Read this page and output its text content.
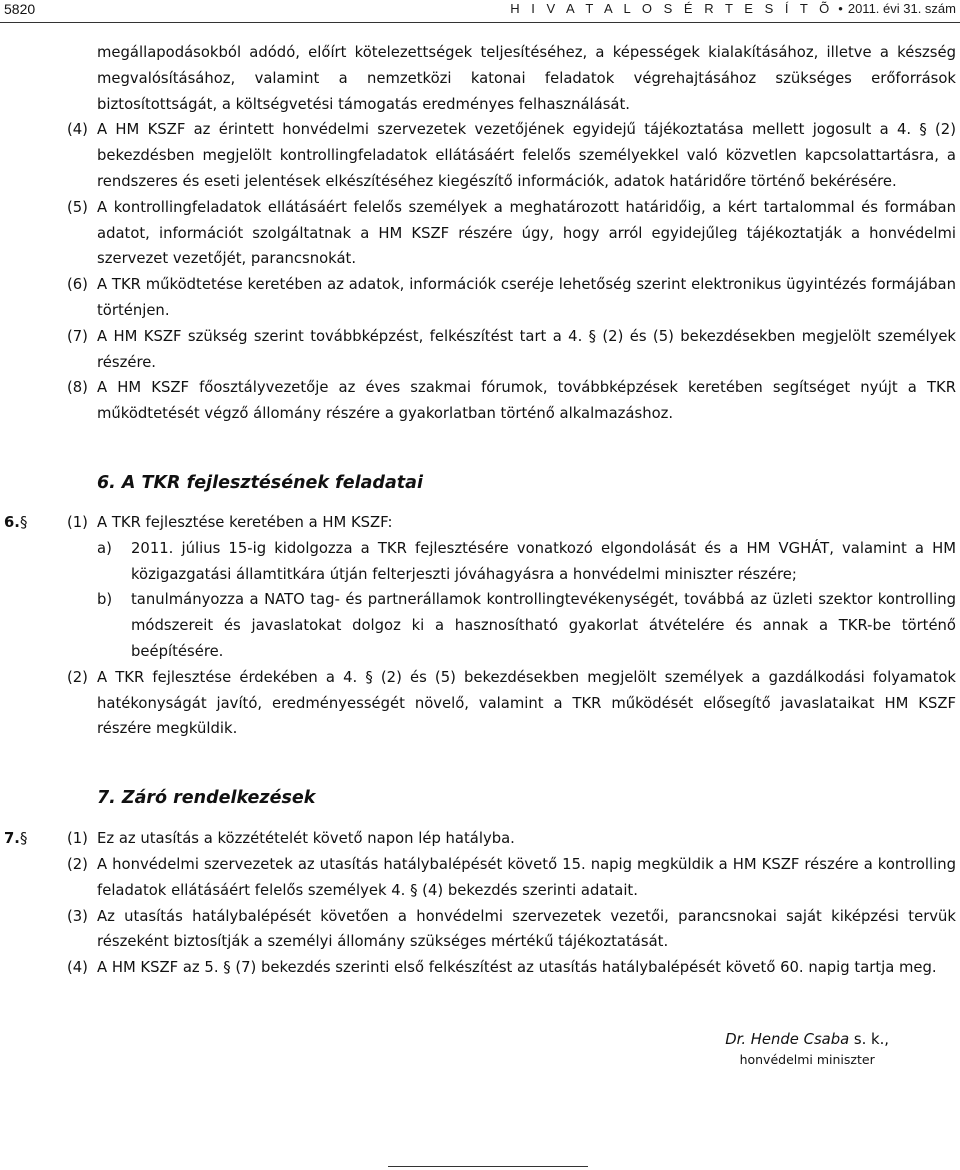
5820	H I V A T A L O S É R T E S Í T Õ • 2011. évi 31. szám

megállapodásokból adódó, előírt kötelezettségek teljesítéséhez, a képességek kialakításához, illetve a készség megvalósításához, valamint a nemzetközi katonai feladatok végrehajtásához szükséges erőforrások biztosítottságát, a költségvetési támogatás eredményes felhasználását.

(4) A HM KSZF az érintett honvédelmi szervezetek vezetőjének egyidejű tájékoztatása mellett jogosult a 4. § (2) bekezdésben megjelölt kontrollingfeladatok ellátásáért felelős személyekkel való közvetlen kapcsolattartásra, a rendszeres és eseti jelentések elkészítéséhez kiegészítő információk, adatok határidőre történő bekérésére.

(5) A kontrollingfeladatok ellátásáért felelős személyek a meghatározott határidőig, a kért tartalommal és formában adatot, információt szolgáltatnak a HM KSZF részére úgy, hogy arról egyidejűleg tájékoztatják a honvédelmi szervezet vezetőjét, parancsnokát.

(6) A TKR működtetése keretében az adatok, információk cseréje lehetőség szerint elektronikus ügyintézés formájában történjen.

(7) A HM KSZF szükség szerint továbbképzést, felkészítést tart a 4. § (2) és (5) bekezdésekben megjelölt személyek részére.

(8) A HM KSZF főosztályvezetője az éves szakmai fórumok, továbbképzések keretében segítséget nyújt a TKR működtetését végző állomány részére a gyakorlatban történő alkalmazáshoz.

6. A TKR fejlesztésének feladatai
6. §	(1) A TKR fejlesztése keretében a HM KSZF:

a) 2011. július 15-ig kidolgozza a TKR fejlesztésére vonatkozó elgondolását és a HM VGHÁT, valamint a HM közigazgatási államtitkára útján felterjeszti jóváhagyásra a honvédelmi miniszter részére;

b) tanulmányozza a NATO tag- és partnerállamok kontrollingtevékenységét, továbbá az üzleti szektor kontrolling módszereit és javaslatokat dolgoz ki a hasznosítható gyakorlat átvételére és annak a TKR-be történő beépítésére.

(2) A TKR fejlesztése érdekében a 4. § (2) és (5) bekezdésekben megjelölt személyek a gazdálkodási folyamatok hatékonyságát javító, eredményességét növelő, valamint a TKR működését elősegítő javaslataikat HM KSZF részére megküldik.

7. Záró rendelkezések
7. §	(1) Ez az utasítás a közzétételét követő napon lép hatályba.

(2) A honvédelmi szervezetek az utasítás hatálybalépését követő 15. napig megküldik a HM KSZF részére a kontrolling feladatok ellátásáért felelős személyek 4. § (4) bekezdés szerinti adatait.

(3) Az utasítás hatálybalépését követően a honvédelmi szervezetek vezetői, parancsnokai saját kiképzési tervük részeként biztosítják a személyi állomány szükséges mértékű tájékoztatását.

(4) A HM KSZF az 5. § (7) bekezdés szerinti első felkészítést az utasítás hatálybalépését követő 60. napig tartja meg.

Dr. Hende Csaba s. k.,
honvédelmi miniszter
